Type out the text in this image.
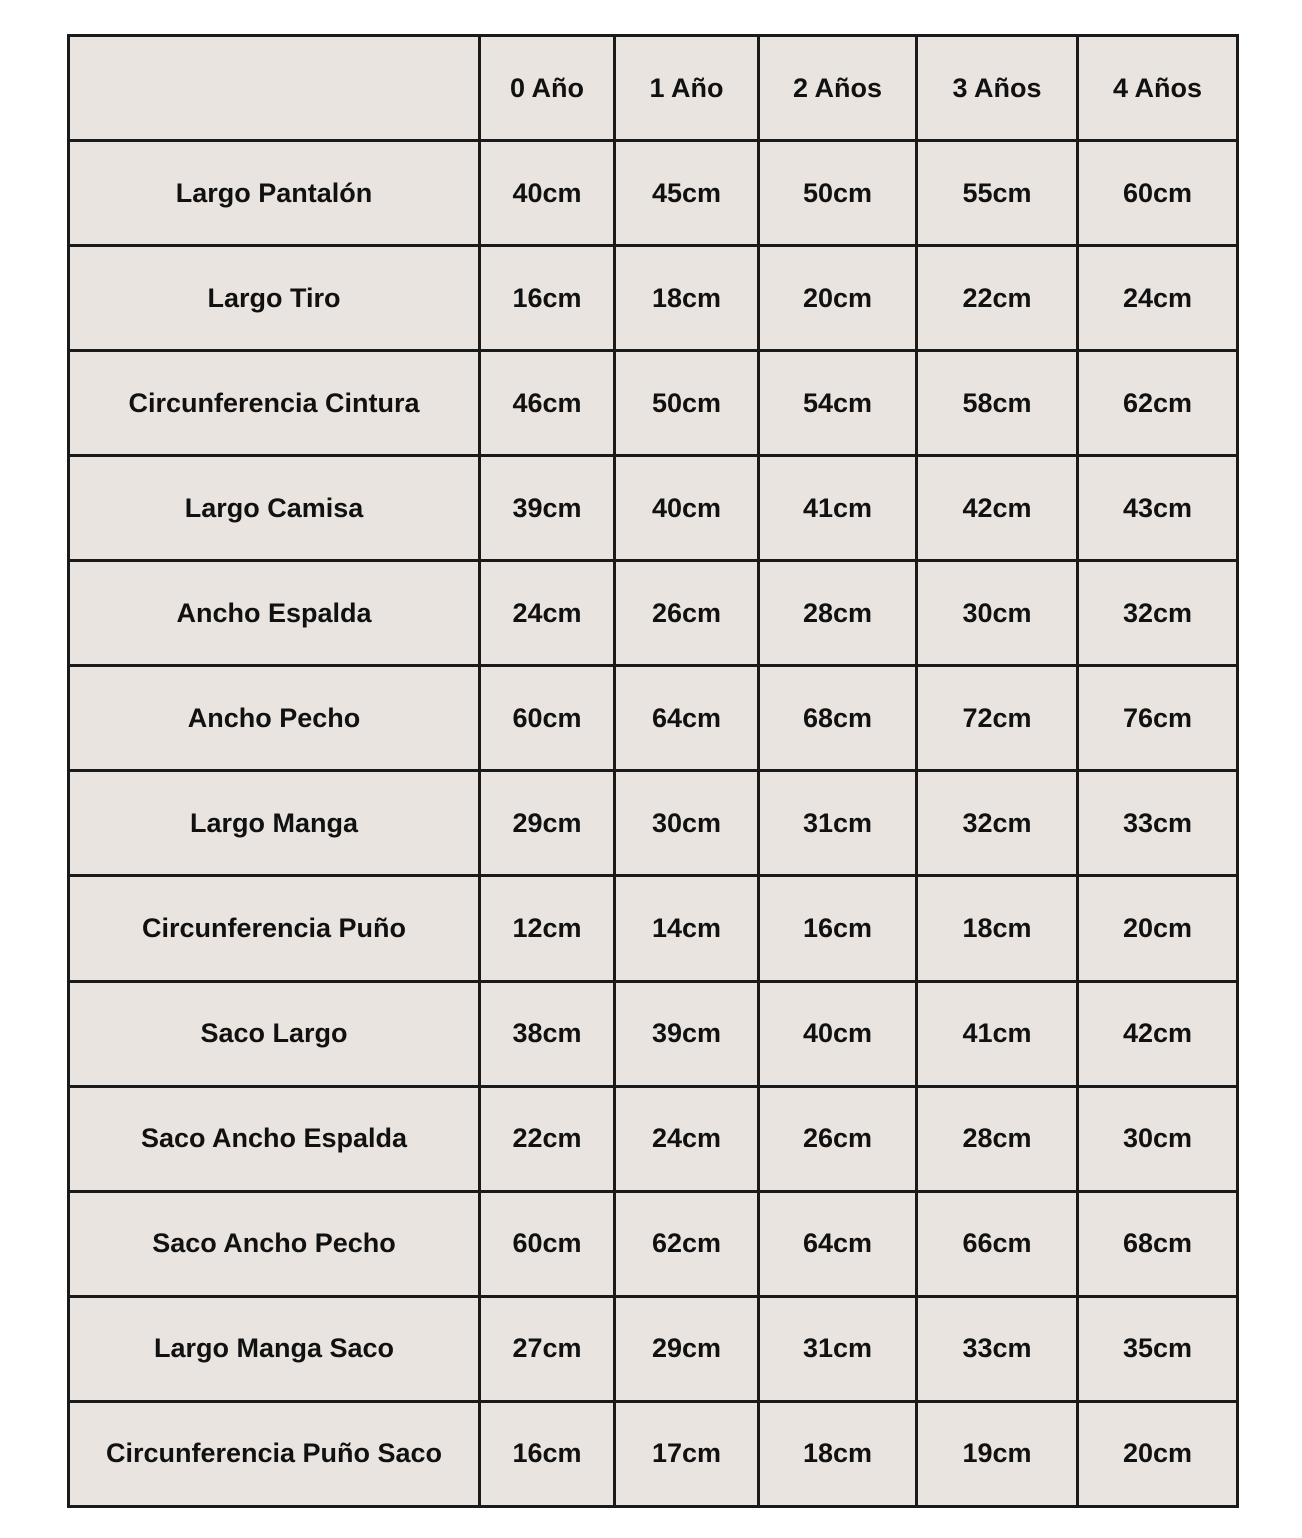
	0 Año	1 Año	2 Años	3 Años	4 Años
Largo Pantalón	40cm	45cm	50cm	55cm	60cm
Largo Tiro	16cm	18cm	20cm	22cm	24cm
Circunferencia Cintura	46cm	50cm	54cm	58cm	62cm
Largo Camisa	39cm	40cm	41cm	42cm	43cm
Ancho Espalda	24cm	26cm	28cm	30cm	32cm
Ancho Pecho	60cm	64cm	68cm	72cm	76cm
Largo Manga	29cm	30cm	31cm	32cm	33cm
Circunferencia Puño	12cm	14cm	16cm	18cm	20cm
Saco Largo	38cm	39cm	40cm	41cm	42cm
Saco Ancho Espalda	22cm	24cm	26cm	28cm	30cm
Saco Ancho Pecho	60cm	62cm	64cm	66cm	68cm
Largo Manga Saco	27cm	29cm	31cm	33cm	35cm
Circunferencia Puño Saco	16cm	17cm	18cm	19cm	20cm
